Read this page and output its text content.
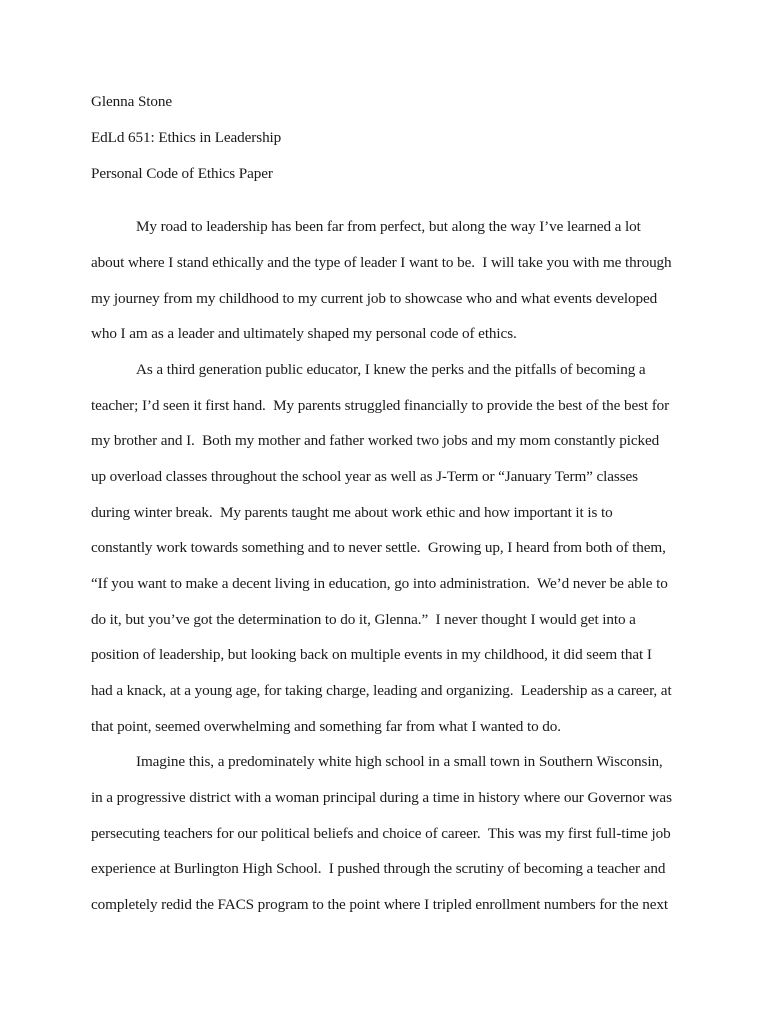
Glenna Stone
EdLd 651: Ethics in Leadership
Personal Code of Ethics Paper
My road to leadership has been far from perfect, but along the way I’ve learned a lot
about where I stand ethically and the type of leader I want to be.  I will take you with me through
my journey from my childhood to my current job to showcase who and what events developed
who I am as a leader and ultimately shaped my personal code of ethics.
As a third generation public educator, I knew the perks and the pitfalls of becoming a
teacher; I’d seen it first hand.  My parents struggled financially to provide the best of the best for
my brother and I.  Both my mother and father worked two jobs and my mom constantly picked
up overload classes throughout the school year as well as J-Term or “January Term” classes
during winter break.  My parents taught me about work ethic and how important it is to
constantly work towards something and to never settle.  Growing up, I heard from both of them,
“If you want to make a decent living in education, go into administration.  We’d never be able to
do it, but you’ve got the determination to do it, Glenna.”  I never thought I would get into a
position of leadership, but looking back on multiple events in my childhood, it did seem that I
had a knack, at a young age, for taking charge, leading and organizing.  Leadership as a career, at
that point, seemed overwhelming and something far from what I wanted to do.
Imagine this, a predominately white high school in a small town in Southern Wisconsin,
in a progressive district with a woman principal during a time in history where our Governor was
persecuting teachers for our political beliefs and choice of career.  This was my first full-time job
experience at Burlington High School.  I pushed through the scrutiny of becoming a teacher and
completely redid the FACS program to the point where I tripled enrollment numbers for the next
